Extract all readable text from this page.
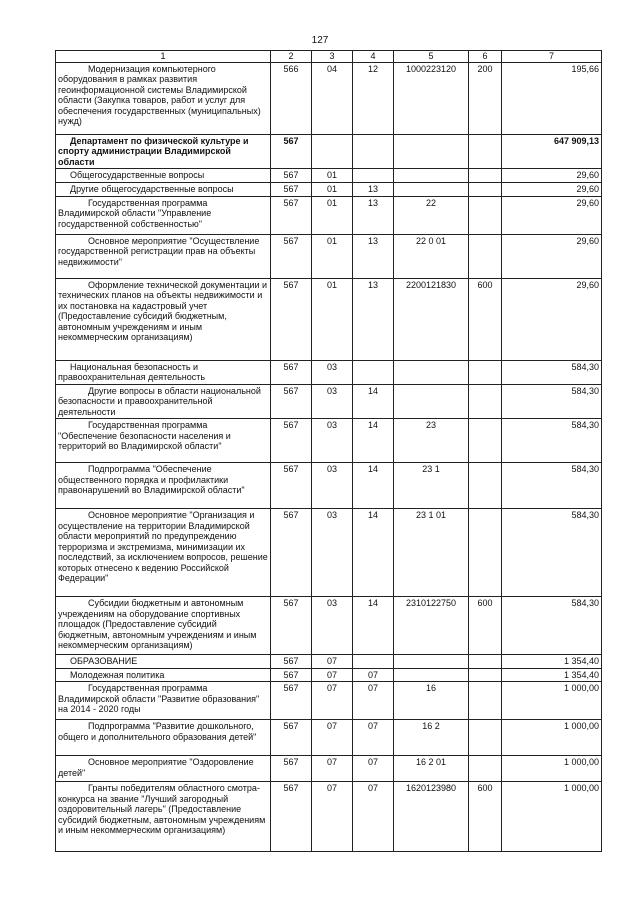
127
1	2	3	4	5	6	7
Модернизация компьютерного оборудования в рамках развития геоинформационной системы Владимирской области (Закупка товаров, работ и услуг для обеспечения государственных (муниципальных) нужд)	566	04	12	1000223120	200	195,66
Департамент по физической культуре и спорту администрации Владимирской области	567					647 909,13
Общегосударственные вопросы	567	01				29,60
Другие общегосударственные вопросы	567	01	13			29,60
Государственная программа Владимирской области "Управление государственной собственностью"	567	01	13	22		29,60
Основное мероприятие "Осуществление государственной регистрации прав на объекты недвижимости"	567	01	13	22 0 01		29,60
Оформление технической документации и технических планов на объекты недвижимости и их постановка на кадастровый учет (Предоставление субсидий бюджетным, автономным учреждениям и иным некоммерческим организациям)	567	01	13	2200121830	600	29,60
Национальная безопасность и правоохранительная деятельность	567	03				584,30
Другие вопросы в области национальной безопасности и правоохранительной деятельности	567	03	14			584,30
Государственная программа "Обеспечение безопасности населения и территорий во Владимирской области"	567	03	14	23		584,30
Подпрограмма "Обеспечение общественного порядка и профилактики правонарушений во Владимирской области"	567	03	14	23 1		584,30
Основное мероприятие "Организация и осуществление на территории Владимирской области мероприятий по предупреждению терроризма и экстремизма, минимизации их последствий, за исключением вопросов, решение которых отнесено к ведению Российской Федерации"	567	03	14	23 1 01		584,30
Субсидии бюджетным и автономным учреждениям на оборудование спортивных площадок (Предоставление субсидий бюджетным, автономным учреждениям и иным некоммерческим организациям)	567	03	14	2310122750	600	584,30
ОБРАЗОВАНИЕ	567	07				1 354,40
Молодежная политика	567	07	07			1 354,40
Государственная программа Владимирской области "Развитие образования" на 2014 - 2020 годы	567	07	07	16		1 000,00
Подпрограмма "Развитие дошкольного, общего и дополнительного образования детей"	567	07	07	16 2		1 000,00
Основное мероприятие "Оздоровление детей"	567	07	07	16 2 01		1 000,00
Гранты победителям областного смотра-конкурса на звание "Лучший загородный оздоровительный лагерь" (Предоставление субсидий бюджетным, автономным учреждениям и иным некоммерческим организациям)	567	07	07	1620123980	600	1 000,00
